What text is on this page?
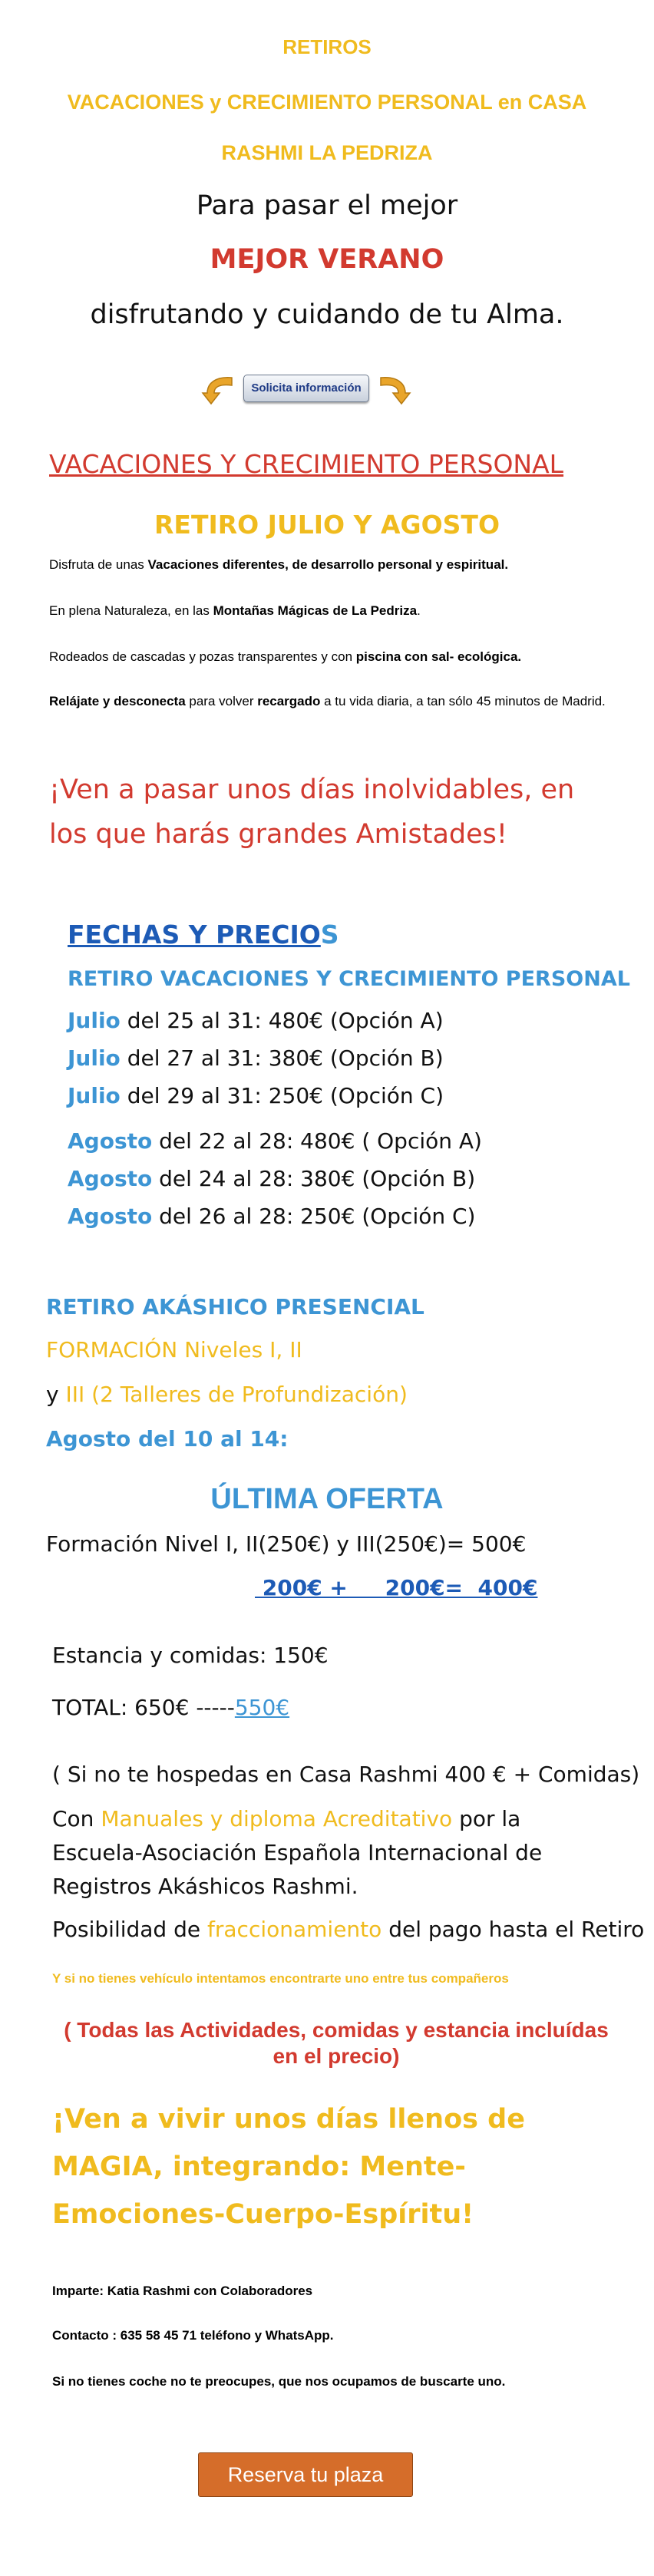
RETIROS
VACACIONES y CRECIMIENTO PERSONAL en CASA
RASHMI LA PEDRIZA
Para pasar el mejor
MEJOR VERANO
disfrutando y cuidando de tu Alma.
Solicita información
VACACIONES Y CRECIMIENTO PERSONAL
RETIRO JULIO Y AGOSTO
Disfruta de unas Vacaciones diferentes, de desarrollo personal y espiritual.
En plena Naturaleza, en las Montañas Mágicas de La Pedriza.
Rodeados de cascadas y pozas transparentes y con piscina con sal- ecológica.
Relájate y desconecta para volver recargado a tu vida diaria, a tan sólo 45 minutos de Madrid.
¡Ven a pasar unos días inolvidables, en los que harás grandes Amistades!
FECHAS Y PRECIOS
RETIRO VACACIONES Y CRECIMIENTO PERSONAL
Julio del 25 al 31: 480€ (Opción A)
Julio del 27 al 31: 380€ (Opción B)
Julio del 29 al 31: 250€ (Opción C)
Agosto del 22 al 28: 480€ ( Opción A)
Agosto del 24 al 28: 380€ (Opción B)
Agosto del 26 al 28: 250€ (Opción C)
RETIRO AKÁSHICO PRESENCIAL
FORMACIÓN Niveles I, II
y III (2 Talleres de Profundización)
Agosto del 10 al 14:
ÚLTIMA OFERTA
Formación Nivel I, II(250€) y III(250€)= 500€
200€ +     200€=  400€
Estancia y comidas: 150€
TOTAL: 650€ -----550€
( Si no te hospedas en Casa Rashmi 400 € + Comidas)
Con Manuales y diploma Acreditativo por la Escuela-Asociación Española Internacional de Registros Akáshicos Rashmi.
Posibilidad de fraccionamiento del pago hasta el Retiro
Y si no tienes vehículo intentamos encontrarte uno entre tus compañeros
( Todas las Actividades, comidas y estancia incluídas en el precio)
¡Ven a vivir unos días llenos de MAGIA, integrando: Mente-Emociones-Cuerpo-Espíritu!
Imparte: Katia Rashmi con Colaboradores
Contacto : 635 58 45 71 teléfono y WhatsApp.
Si no tienes coche no te preocupes, que nos ocupamos de buscarte uno.
Reserva tu plaza
